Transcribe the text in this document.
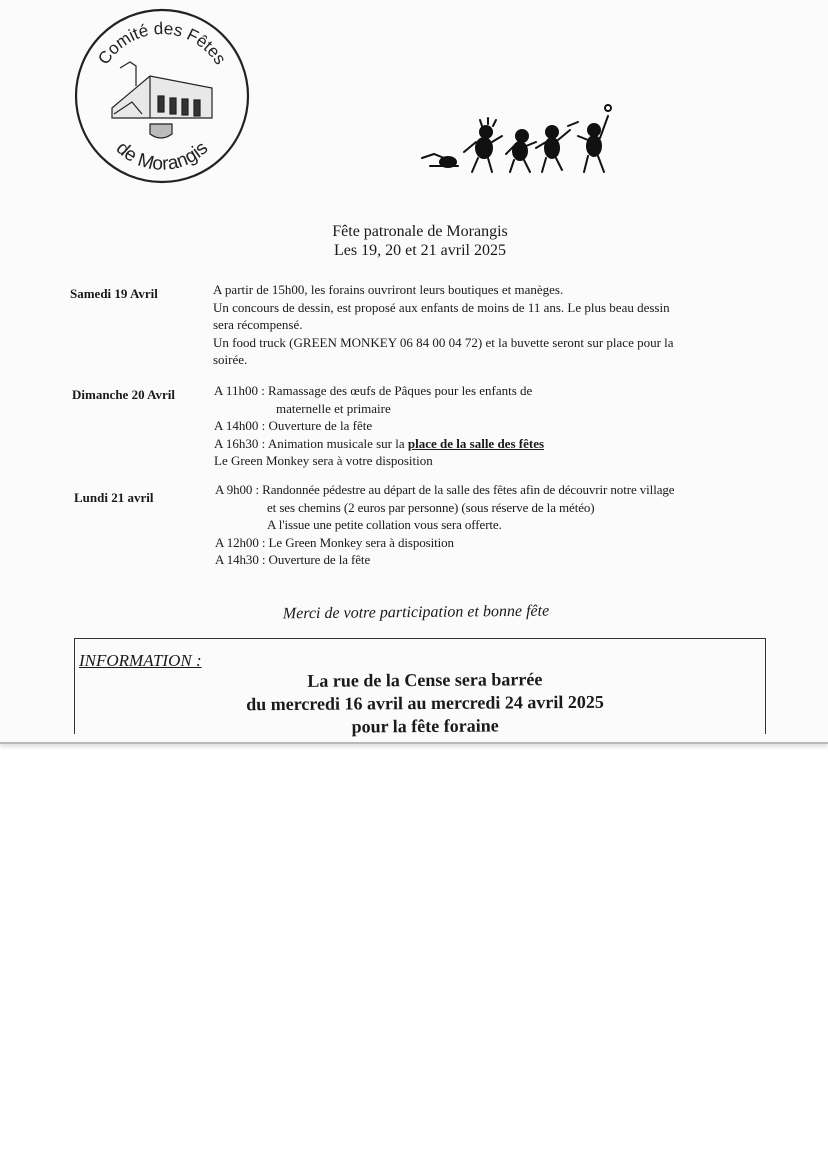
Comité des Fêtes
de Morangis
Fête patronale de Morangis
Les 19, 20 et 21 avril 2025
Samedi 19 Avril	A partir de 15h00, les forains ouvriront leurs boutiques et manèges.
Un concours de dessin, est proposé aux enfants de moins de 11 ans. Le plus beau dessin
sera récompensé.
Un food truck (GREEN MONKEY 06 84 00 04 72) et la buvette seront sur place pour la
soirée.
Dimanche 20 Avril	A 11h00 : Ramassage des œufs de Pâques pour les enfants de
maternelle et primaire
A 14h00 : Ouverture de la fête
A 16h30 : Animation musicale sur la place de la salle des fêtes
Le Green Monkey sera à votre disposition
Lundi 21 avril
A 9h00 : Randonnée pédestre au départ de la salle des fêtes afin de découvrir notre village
et ses chemins (2 euros par personne) (sous réserve de la météo)
A l'issue une petite collation vous sera offerte.
A 12h00 : Le Green Monkey sera à disposition
A 14h30 : Ouverture de la fête
Merci de votre participation et bonne fête
INFORMATION :
La rue de la Cense sera barrée
du mercredi 16 avril au mercredi 24 avril 2025
pour la fête foraine
